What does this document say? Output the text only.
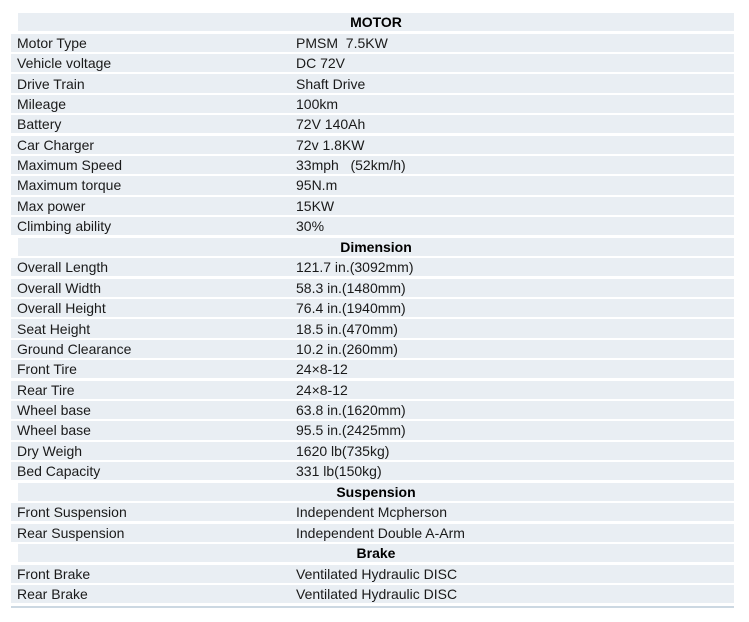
MOTOR
Motor Type	PMSM  7.5KW
Vehicle voltage	DC 72V
Drive Train	Shaft Drive
Mileage	100km
Battery	72V 140Ah
Car Charger	72v 1.8KW
Maximum Speed	33mph   (52km/h)
Maximum torque	95N.m
Max power	15KW
Climbing ability	30%
Dimension
Overall Length	121.7 in.(3092mm)
Overall Width	58.3 in.(1480mm)
Overall Height	76.4 in.(1940mm)
Seat Height	18.5 in.(470mm)
Ground Clearance	10.2 in.(260mm)
Front Tire	24×8-12
Rear Tire	24×8-12
Wheel base	63.8 in.(1620mm)
Wheel base	95.5 in.(2425mm)
Dry Weigh	1620 lb(735kg)
Bed Capacity	331 lb(150kg)
Suspension
Front Suspension	Independent Mcpherson
Rear Suspension	Independent Double A-Arm
Brake
Front Brake	Ventilated Hydraulic DISC
Rear Brake	Ventilated Hydraulic DISC
